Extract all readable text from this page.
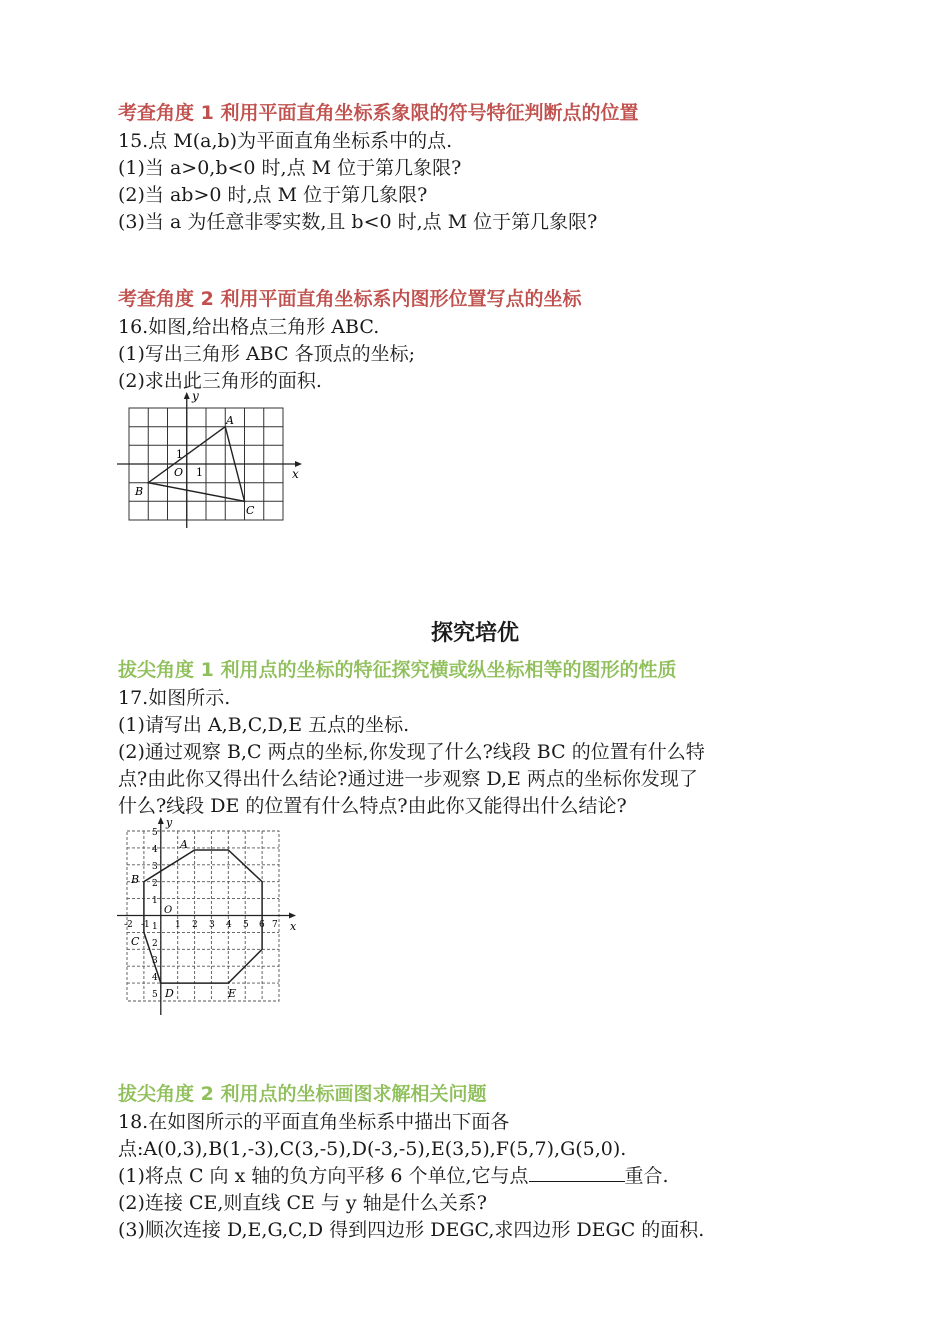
考查角度 1 利用平面直角坐标系象限的符号特征判断点的位置
15.点 M(a,b)为平面直角坐标系中的点.
(1)当 a>0,b<0 时,点 M 位于第几象限?
(2)当 ab>0 时,点 M 位于第几象限?
(3)当 a 为任意非零实数,且 b<0 时,点 M 位于第几象限?
考查角度 2 利用平面直角坐标系内图形位置写点的坐标
16.如图,给出格点三角形 ABC.
(1)写出三角形 ABC 各顶点的坐标;
(2)求出此三角形的面积.
x
y
O 1
1
A
B
C
探究培优
拔尖角度 1 利用点的坐标的特征探究横或纵坐标相等的图形的性质
17.如图所示.
(1)请写出 A,B,C,D,E 五点的坐标.
(2)通过观察 B,C 两点的坐标,你发现了什么?线段 BC 的位置有什么特
点?由此你又得出什么结论?通过进一步观察 D,E 两点的坐标你发现了
什么?线段 DE 的位置有什么特点?由此你又能得出什么结论?
x
y
O
A
B
C
D	E
-2 -1	1 2 3 4 5 6 7
5
4
3
2
1
1
2
3
4
5
拔尖角度 2 利用点的坐标画图求解相关问题
18.在如图所示的平面直角坐标系中描出下面各
点:A(0,3),B(1,-3),C(3,-5),D(-3,-5),E(3,5),F(5,7),G(5,0).
(1)将点 C 向 x 轴的负方向平移 6 个单位,它与点	重合.
(2)连接 CE,则直线 CE 与 y 轴是什么关系?
(3)顺次连接 D,E,G,C,D 得到四边形 DEGC,求四边形 DEGC 的面积.
